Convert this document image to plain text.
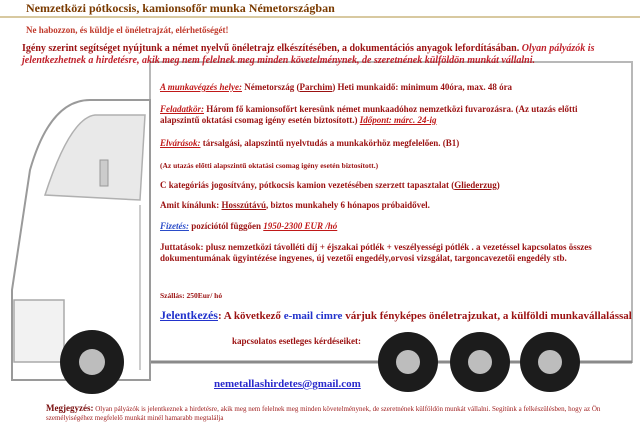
Nemzetközi pótkocsis, kamionsofőr munka Németországban
Ne habozzon, és küldje el önéletrajzát, elérhetőségét!
Igény szerint segítséget nyújtunk a német nyelvű önéletrajz elkészítésében, a dokumentációs anyagok lefordításában. Olyan pályázók is jelentkezhetnek a hirdetésre, akik meg nem felelnek meg minden követelménynek, de szeretnének külföldön munkát vállalni.
A munkavégzés helye: Németország (Parchim) Heti munkaidő: minimum 40óra, max. 48 óra
Feladatkör: Három fő kamionsofőrt keresünk német munkaadóhoz nemzetközi fuvarozásra. (Az utazás előtti alapszintű oktatási csomag igény esetén biztosított.) Időpont: márc. 24-ig
Elvárások: társalgási, alapszintű nyelvtudás a munkakörhöz megfelelően. (B1)
(Az utazás előtti alapszintű oktatási csomag igény esetén biztosított.)
C kategóriás jogosítvány, pótkocsis kamion vezetésében szerzett tapasztalat (Gliederzug)
Amit kínálunk: Hosszútávú, biztos munkahely 6 hónapos próbaidővel.
Fizetés: pozíciótól függően 1950-2300 EUR /hó
Juttatások: plusz nemzetközi távolléti díj + éjszakai pótlék + veszélyességi pótlék . a vezetéssel kapcsolatos összes dokumentumának ügyintézése ingyenes, új vezetői engedély,orvosi vizsgálat, targoncavezetői engedély stb.
Szállás: 250Eur/ hó
Jelentkezés: A következő e-mail cimre várjuk fényképes önéletrajzukat, a külföldi munkavállalással
kapcsolatos esetleges kérdéseiket:
nemetallashirdetes@gmail.com
Megjegyzés: Olyan pályázók is jelentkeznek a hirdetésre, akik meg nem felelnek meg minden követelménynek, de szeretnének külföldön munkát vállalni. Segítünk a felkészülésben, hogy az Ön személyiségéhez megfelelő munkát minél hamarabb megtalálja
